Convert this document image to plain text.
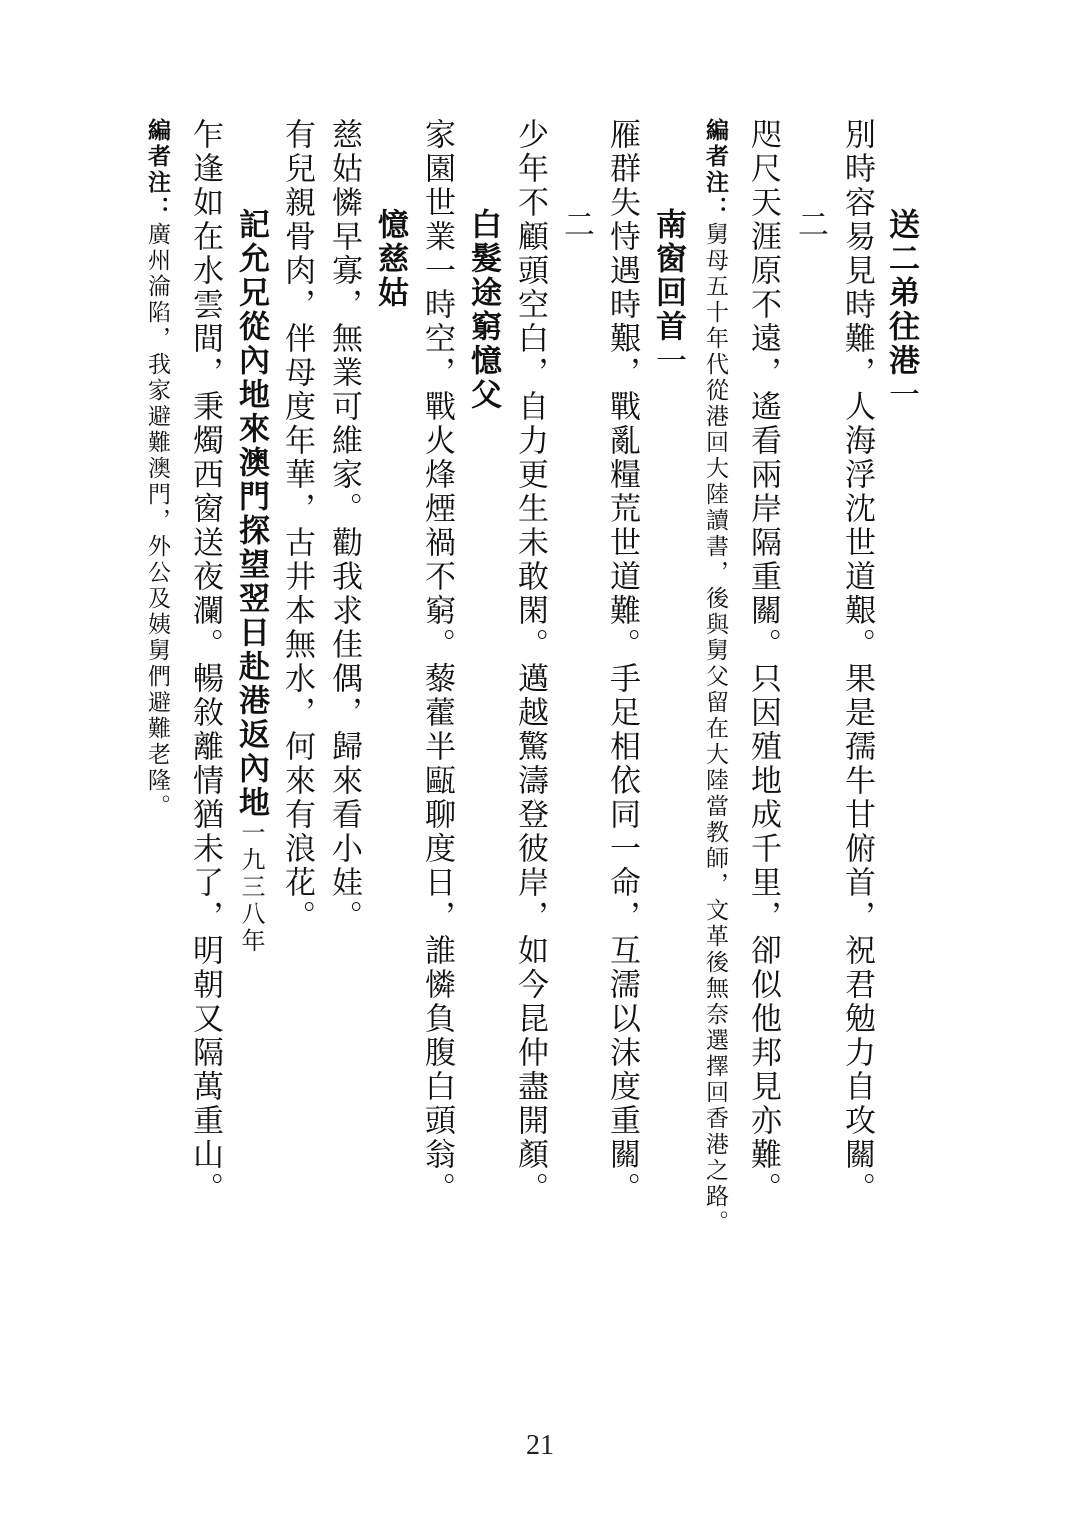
送二弟往港一
別時容易見時難，人海浮沈世道艱。果是孺牛甘俯首，祝君勉力自攻關。
二
咫尺天涯原不遠，遙看兩岸隔重關。只因殖地成千里，卻似他邦見亦難。
編者注：舅母五十年代從港回大陸讀書，後與舅父留在大陸當教師，文革後無奈選擇回香港之路。
南窗回首一
雁群失恃遇時艱，戰亂糧荒世道難。手足相依同一命，互濡以沫度重關。
二
少年不顧頭空白，自力更生未敢閑。邁越驚濤登彼岸，如今昆仲盡開顏。
白髮途窮憶父
家園世業一時空，戰火烽煙禍不窮。藜藿半甌聊度日，誰憐負腹白頭翁。
憶慈姑
慈姑憐早寡，無業可維家。勸我求佳偶，歸來看小娃。
有兒親骨肉，伴母度年華，古井本無水，何來有浪花。
記允兄從內地來澳門探望翌日赴港返內地一九三八年
乍逢如在水雲間，秉燭西窗送夜瀾。暢敘離情猶未了，明朝又隔萬重山。
編者注：廣州淪陷，我家避難澳門，外公及姨舅們避難老隆。
21
